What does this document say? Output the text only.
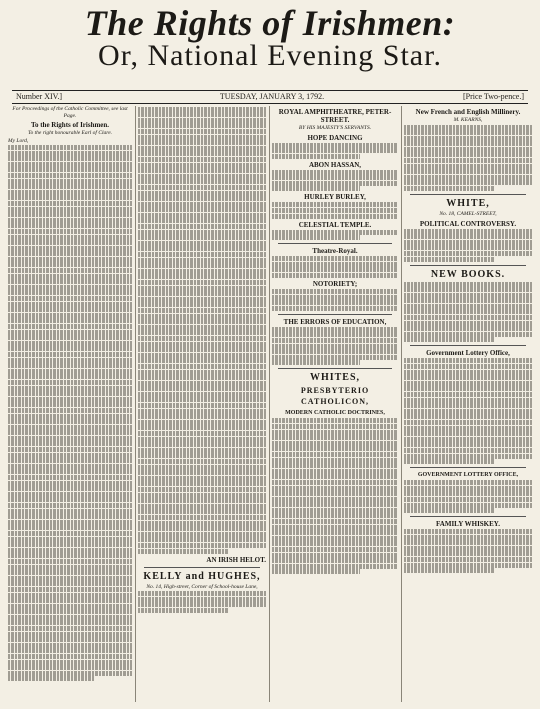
The Rights of Irishmen:
Or, National Evening Star.
Number XIV.]	TUESDAY, JANUARY 3, 1792.	[Price Two-pence.]

For Proceedings of the Catholic Committee, see last Page.

To the Rights of Irishmen.

To the right honourable Earl of Clare.

My Lord,

AN IRISH HELOT.
KELLY and HUGHES,

No. 14, High-street, Corner of School-house Lane,

ROYAL AMPHITHEATRE, PETER-STREET.

BY HIS MAJESTY'S SERVANTS.

HOPE DANCING
ABON HASSAN,
HURLEY BURLEY,
CELESTIAL TEMPLE.
Theatre-Royal.
NOTORIETY;
THE ERRORS OF EDUCATION,
WHITES,
PRESBYTERIO CATHOLICON,
MODERN CATHOLIC DOCTRINES,
New French and English Millinery.

M. KEARNS,

WHITE,

No. 18, CAMEL-STREET,

POLITICAL CONTROVERSY.
NEW BOOKS.
Government Lottery Office,
GOVERNMENT LOTTERY OFFICE,
FAMILY WHISKEY.
